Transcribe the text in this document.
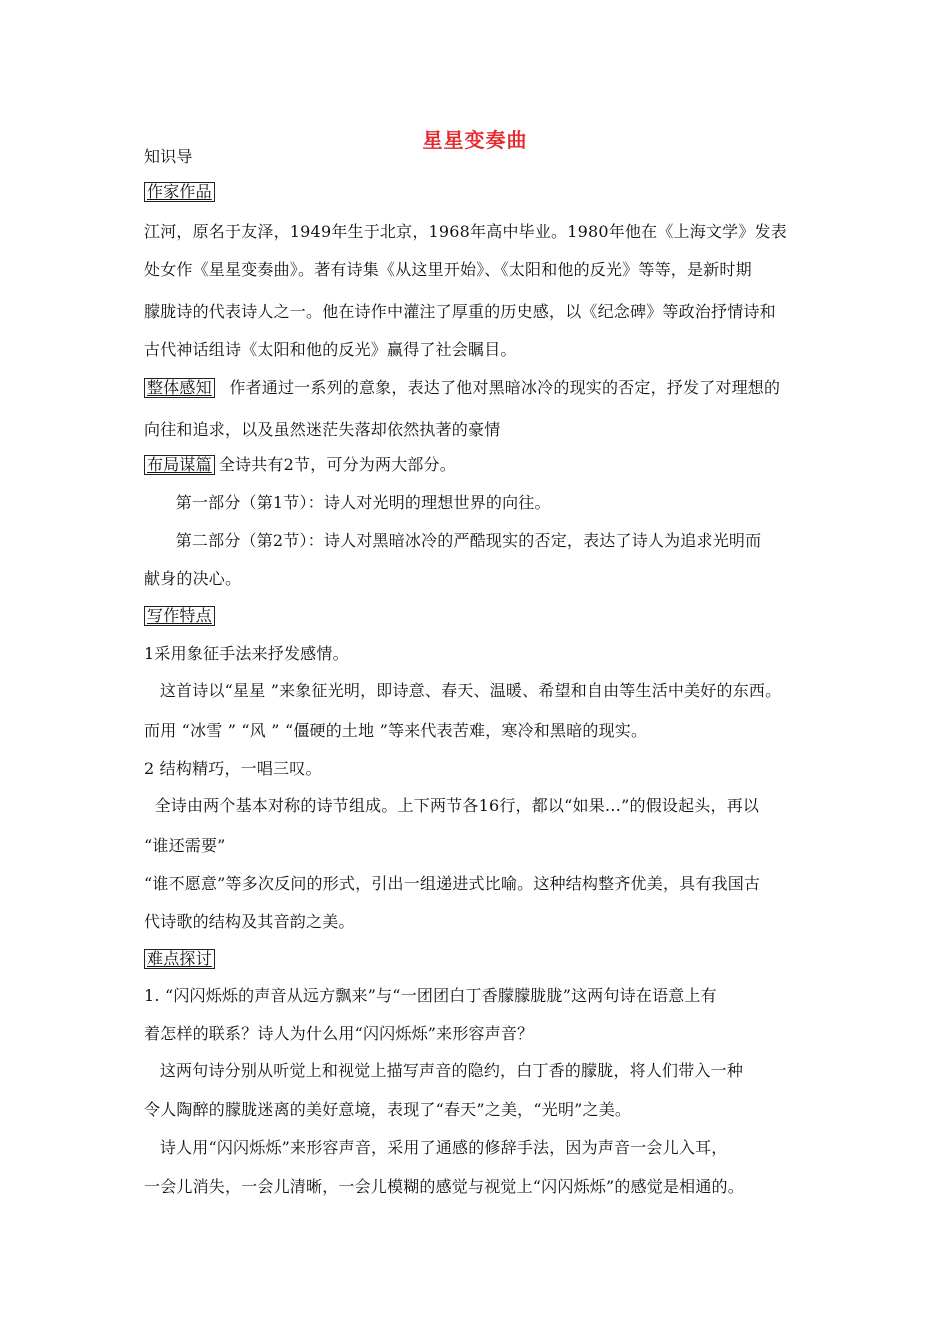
星星变奏曲
知识导
作家作品
江河，原名于友泽，1949年生于北京，1968年高中毕业。1980年他在《上海文学》发表
处女作《星星变奏曲》。著有诗集《从这里开始》、《太阳和他的反光》等等，是新时期
朦胧诗的代表诗人之一。他在诗作中灌注了厚重的历史感，以《纪念碑》等政治抒情诗和
古代神话组诗《太阳和他的反光》赢得了社会瞩目。
整体感知  作者通过一系列的意象，表达了他对黑暗冰冷的现实的否定，抒发了对理想的
向往和追求，以及虽然迷茫失落却依然执著的豪情
布局谋篇 全诗共有2节，可分为两大部分。
第一部分（第1节）：诗人对光明的理想世界的向往。
第二部分（第2节）：诗人对黑暗冰冷的严酷现实的否定，表达了诗人为追求光明而
献身的决心。
写作特点
1采用象征手法来抒发感情。
这首诗以“星星 ”来象征光明，即诗意、春天、温暖、希望和自由等生活中美好的东西。
而用 “冰雪 ” “风 ” “僵硬的土地 ”等来代表苦难，寒冷和黑暗的现实。
2 结构精巧，一唱三叹。
全诗由两个基本对称的诗节组成。上下两节各16行，都以“如果…”的假设起头，再以
“谁还需要”
“谁不愿意”等多次反问的形式，引出一组递进式比喻。这种结构整齐优美，具有我国古
代诗歌的结构及其音韵之美。
难点探讨
1. “闪闪烁烁的声音从远方飘来”与“一团团白丁香朦朦胧胧”这两句诗在语意上有
着怎样的联系？诗人为什么用“闪闪烁烁”来形容声音？
这两句诗分别从听觉上和视觉上描写声音的隐约，白丁香的朦胧，将人们带入一种
令人陶醉的朦胧迷离的美好意境，表现了“春天”之美，“光明”之美。
诗人用“闪闪烁烁”来形容声音，采用了通感的修辞手法，因为声音一会儿入耳，
一会儿消失，一会儿清晰，一会儿模糊的感觉与视觉上“闪闪烁烁”的感觉是相通的。
